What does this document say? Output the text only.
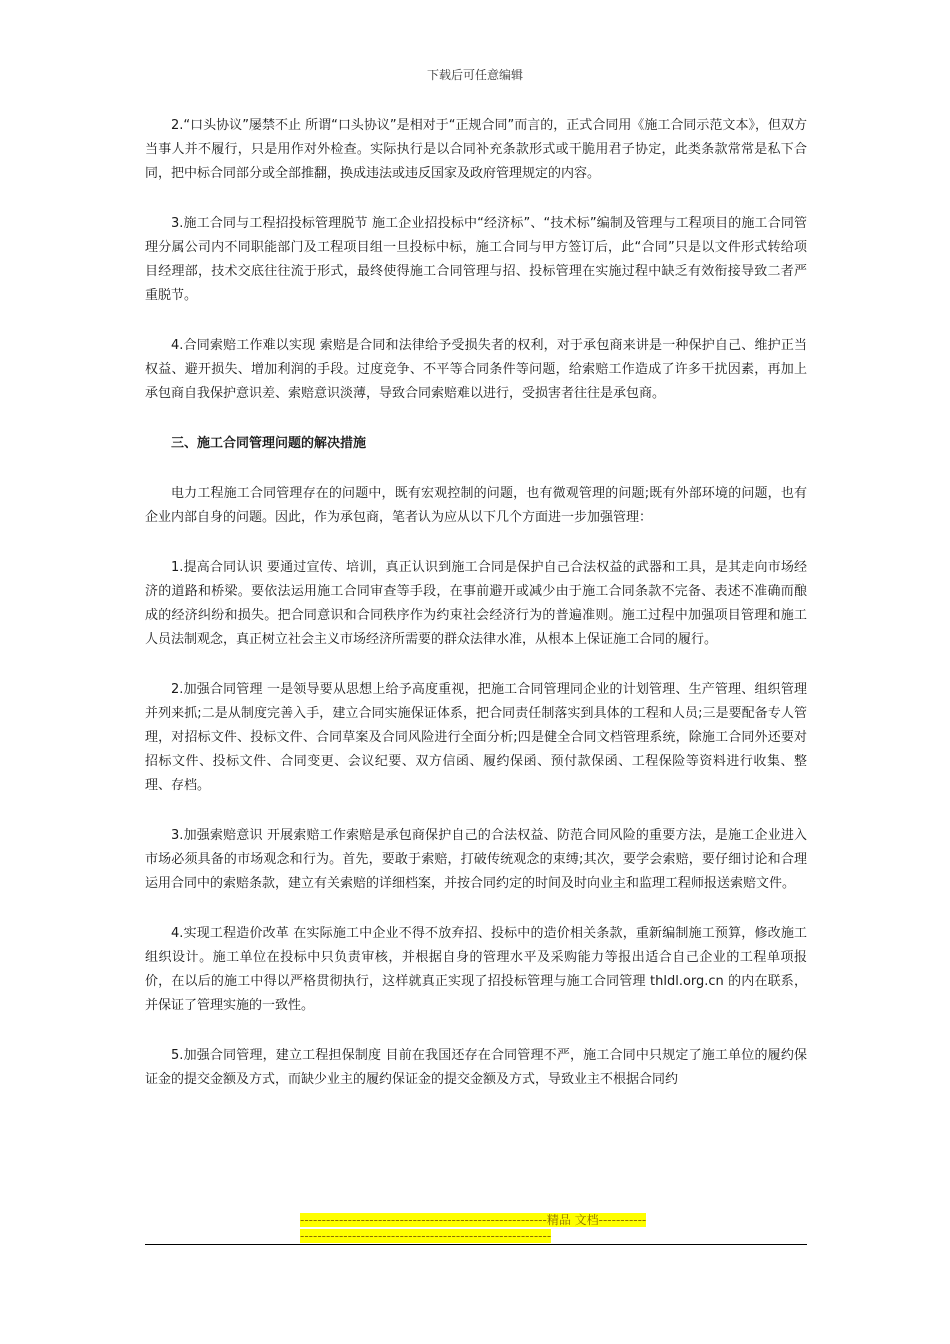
下载后可任意编辑

2.“口头协议”屡禁不止 所谓“口头协议”是相对于“正规合同”而言的，正式合同用《施工合同示范文本》，但双方当事人并不履行，只是用作对外检查。实际执行是以合同补充条款形式或干脆用君子协定，此类条款常常是私下合同，把中标合同部分或全部推翻，换成违法或违反国家及政府管理规定的内容。

3.施工合同与工程招投标管理脱节 施工企业招投标中“经济标”、“技术标”编制及管理与工程项目的施工合同管理分属公司内不同职能部门及工程项目组一旦投标中标，施工合同与甲方签订后，此“合同”只是以文件形式转给项目经理部，技术交底往往流于形式，最终使得施工合同管理与招、投标管理在实施过程中缺乏有效衔接导致二者严重脱节。

4.合同索赔工作难以实现 索赔是合同和法律给予受损失者的权利，对于承包商来讲是一种保护自己、维护正当权益、避开损失、增加利润的手段。过度竞争、不平等合同条件等问题，给索赔工作造成了许多干扰因素，再加上承包商自我保护意识差、索赔意识淡薄，导致合同索赔难以进行，受损害者往往是承包商。

三、施工合同管理问题的解决措施

电力工程施工合同管理存在的问题中，既有宏观控制的问题，也有微观管理的问题;既有外部环境的问题，也有企业内部自身的问题。因此，作为承包商，笔者认为应从以下几个方面进一步加强管理：

1.提高合同认识 要通过宣传、培训，真正认识到施工合同是保护自己合法权益的武器和工具，是其走向市场经济的道路和桥梁。要依法运用施工合同审查等手段，在事前避开或减少由于施工合同条款不完备、表述不准确而酿成的经济纠纷和损失。把合同意识和合同秩序作为约束社会经济行为的普遍准则。施工过程中加强项目管理和施工人员法制观念，真正树立社会主义市场经济所需要的群众法律水准，从根本上保证施工合同的履行。

2.加强合同管理 一是领导要从思想上给予高度重视，把施工合同管理同企业的计划管理、生产管理、组织管理并列来抓;二是从制度完善入手，建立合同实施保证体系，把合同责任制落实到具体的工程和人员;三是要配备专人管理，对招标文件、投标文件、合同草案及合同风险进行全面分析;四是健全合同文档管理系统，除施工合同外还要对招标文件、投标文件、合同变更、会议纪要、双方信函、履约保函、预付款保函、工程保险等资料进行收集、整理、存档。

3.加强索赔意识 开展索赔工作索赔是承包商保护自己的合法权益、防范合同风险的重要方法，是施工企业进入市场必须具备的市场观念和行为。首先，要敢于索赔，打破传统观念的束缚;其次，要学会索赔，要仔细讨论和合理运用合同中的索赔条款，建立有关索赔的详细档案，并按合同约定的时间及时向业主和监理工程师报送索赔文件。

4.实现工程造价改革 在实际施工中企业不得不放弃招、投标中的造价相关条款，重新编制施工预算，修改施工组织设计。施工单位在投标中只负责审核，并根据自身的管理水平及采购能力等报出适合自己企业的工程单项报价，在以后的施工中得以严格贯彻执行，这样就真正实现了招投标管理与施工合同管理 thldl.org.cn 的内在联系，并保证了管理实施的一致性。

5.加强合同管理，建立工程担保制度 目前在我国还存在合同管理不严，施工合同中只规定了施工单位的履约保证金的提交金额及方式，而缺少业主的履约保证金的提交金额及方式，导致业主不根据合同约

---------------------------------------------------------精品 文档---------------------------------------------------------------------
